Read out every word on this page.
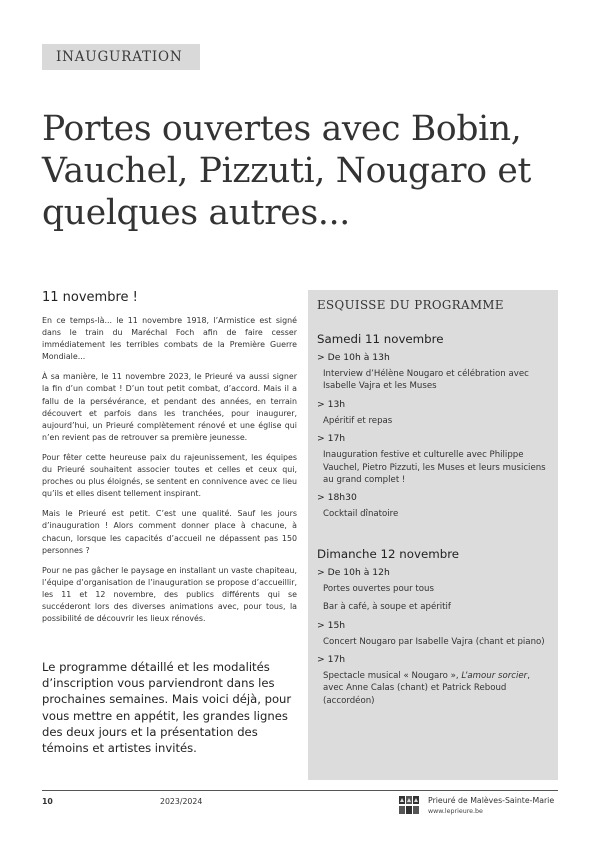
INAUGURATION
Portes ouvertes avec Bobin, Vauchel, Pizzuti, Nougaro et quelques autres...
11 novembre !

En ce temps-là... le 11 novembre 1918, l’Armistice est signé dans le train du Maréchal Foch afin de faire cesser immédiatement les terribles combats de la Première Guerre Mondiale...

À sa manière, le 11 novembre 2023, le Prieuré va aussi signer la fin d’un combat ! D’un tout petit combat, d’accord. Mais il a fallu de la persévérance, et pendant des années, en terrain découvert et parfois dans les tranchées, pour inaugurer, aujourd’hui, un Prieuré complètement rénové et une église qui n’en revient pas de retrouver sa première jeunesse.

Pour fêter cette heureuse paix du rajeunissement, les équipes du Prieuré souhaitent associer toutes et celles et ceux qui, proches ou plus éloignés, se sentent en connivence avec ce lieu qu’ils et elles disent tellement inspirant.

Mais le Prieuré est petit. C’est une qualité. Sauf les jours d’inauguration ! Alors comment donner place à chacune, à chacun, lorsque les capacités d’accueil ne dépassent pas 150 personnes ?

Pour ne pas gâcher le paysage en installant un vaste chapiteau, l’équipe d’organisation de l’inauguration se propose d’accueillir, les 11 et 12 novembre, des publics différents qui se succéderont lors des diverses animations avec, pour tous, la possibilité de découvrir les lieux rénovés.

Le programme détaillé et les modalités d’inscription vous parviendront dans les prochaines semaines. Mais voici déjà, pour vous mettre en appétit, les grandes lignes des deux jours et la présentation des témoins et artistes invités.

ESQUISSE DU PROGRAMME
Samedi 11 novembre
> De 10h à 13h
Interview d’Hélène Nougaro et célébration avec Isabelle Vajra et les Muses
> 13h
Apéritif et repas
> 17h
Inauguration festive et culturelle avec Philippe Vauchel, Pietro Pizzuti, les Muses et leurs musiciens au grand complet !
> 18h30
Cocktail dînatoire
Dimanche 12 novembre
> De 10h à 12h
Portes ouvertes pour tous
Bar à café, à soupe et apéritif
> 15h
Concert Nougaro par Isabelle Vajra (chant et piano)
> 17h
Spectacle musical « Nougaro », L’amour sorcier, avec Anne Calas (chant) et Patrick Reboud (accordéon)
10	2023/2024	Prieuré de Malèves-Sainte-Marie
www.leprieure.be
